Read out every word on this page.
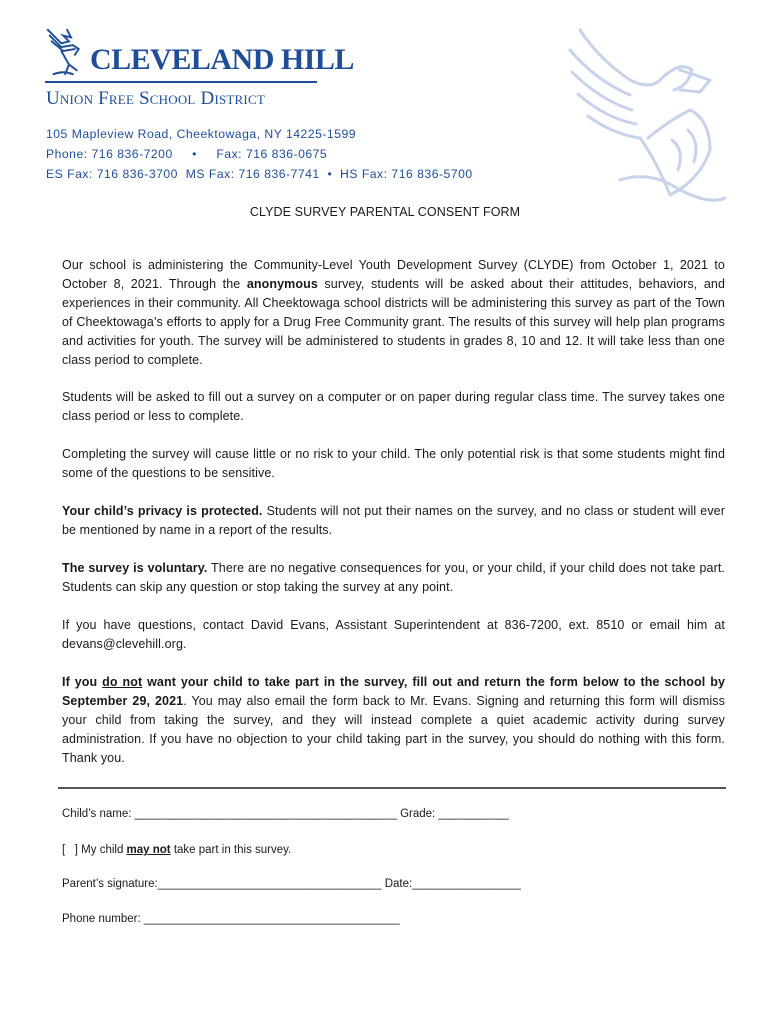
CLEVELAND HILL
Union Free School District
105 Mapleview Road, Cheektowaga, NY 14225-1599
Phone: 716 836-7200     •     Fax: 716 836-0675
ES Fax: 716 836-3700  MS Fax: 716 836-7741  •  HS Fax: 716 836-5700
CLYDE SURVEY PARENTAL CONSENT FORM
Our school is administering the Community-Level Youth Development Survey (CLYDE) from October 1, 2021 to October 8, 2021. Through the anonymous survey, students will be asked about their attitudes, behaviors, and experiences in their community. All Cheektowaga school districts will be administering this survey as part of the Town of Cheektowaga’s efforts to apply for a Drug Free Community grant. The results of this survey will help plan programs and activities for youth. The survey will be administered to students in grades 8, 10 and 12. It will take less than one class period to complete.
Students will be asked to fill out a survey on a computer or on paper during regular class time. The survey takes one class period or less to complete.
Completing the survey will cause little or no risk to your child. The only potential risk is that some students might find some of the questions to be sensitive.
Your child’s privacy is protected. Students will not put their names on the survey, and no class or student will ever be mentioned by name in a report of the results.
The survey is voluntary. There are no negative consequences for you, or your child, if your child does not take part. Students can skip any question or stop taking the survey at any point.
If you have questions, contact David Evans, Assistant Superintendent at 836-7200, ext. 8510 or email him at devans@clevehill.org.
If you do not want your child to take part in the survey, fill out and return the form below to the school by September 29, 2021. You may also email the form back to Mr. Evans. Signing and returning this form will dismiss your child from taking the survey, and they will instead complete a quiet academic activity during survey administration. If you have no objection to your child taking part in the survey, you should do nothing with this form. Thank you.
Child’s name: _________________________________________ Grade: ___________
[   ] My child may not take part in this survey.
Parent’s signature:___________________________________ Date:_________________
Phone number: ________________________________________
